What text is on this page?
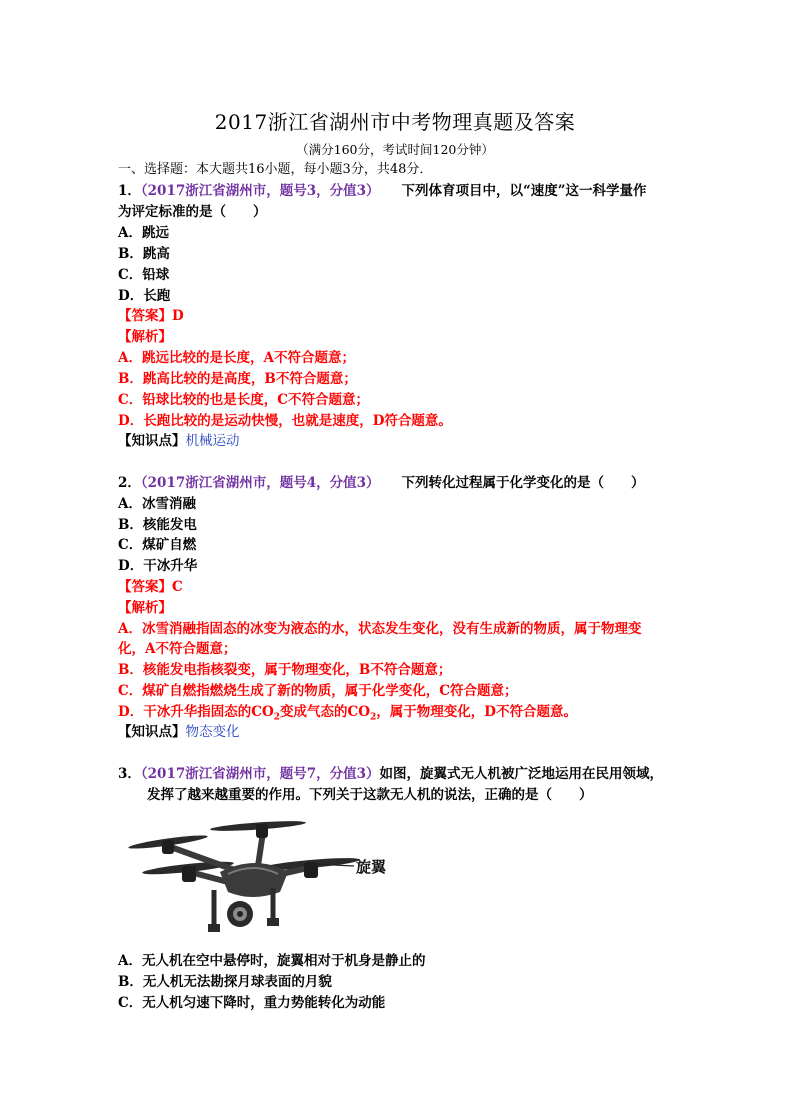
2017浙江省湖州市中考物理真题及答案
（满分160分，考试时间120分钟）
一、选择题：本大题共16小题，每小题3分，共48分．
1．（2017浙江省湖州市，题号3，分值3） 下列体育项目中，以“速度”这一科学量作
为评定标准的是（　　）
A．跳远
B．跳高
C．铅球
D．长跑
【答案】D
【解析】
A．跳远比较的是长度，A不符合题意；
B．跳高比较的是高度，B不符合题意；
C．铅球比较的也是长度，C不符合题意；
D．长跑比较的是运动快慢，也就是速度，D符合题意。
【知识点】机械运动
2．（2017浙江省湖州市，题号4，分值3） 下列转化过程属于化学变化的是（　　）
A．冰雪消融
B．核能发电
C．煤矿自燃
D．干冰升华
【答案】C
【解析】
A．冰雪消融指固态的冰变为液态的水，状态发生变化，没有生成新的物质，属于物理变
化，A不符合题意；
B．核能发电指核裂变，属于物理变化，B不符合题意；
C．煤矿自燃指燃烧生成了新的物质，属于化学变化，C符合题意；
D．干冰升华指固态的$CO_2$变成气态的$CO_2$，属于物理变化，D不符合题意。
【知识点】物态变化
3．（2017浙江省湖州市，题号7，分值3）如图，旋翼式无人机被广泛地运用在民用领域，
发挥了越来越重要的作用。下列关于这款无人机的说法，正确的是（　　）
旋翼
A．无人机在空中悬停时，旋翼相对于机身是静止的
B．无人机无法勘探月球表面的月貌
C．无人机匀速下降时，重力势能转化为动能
